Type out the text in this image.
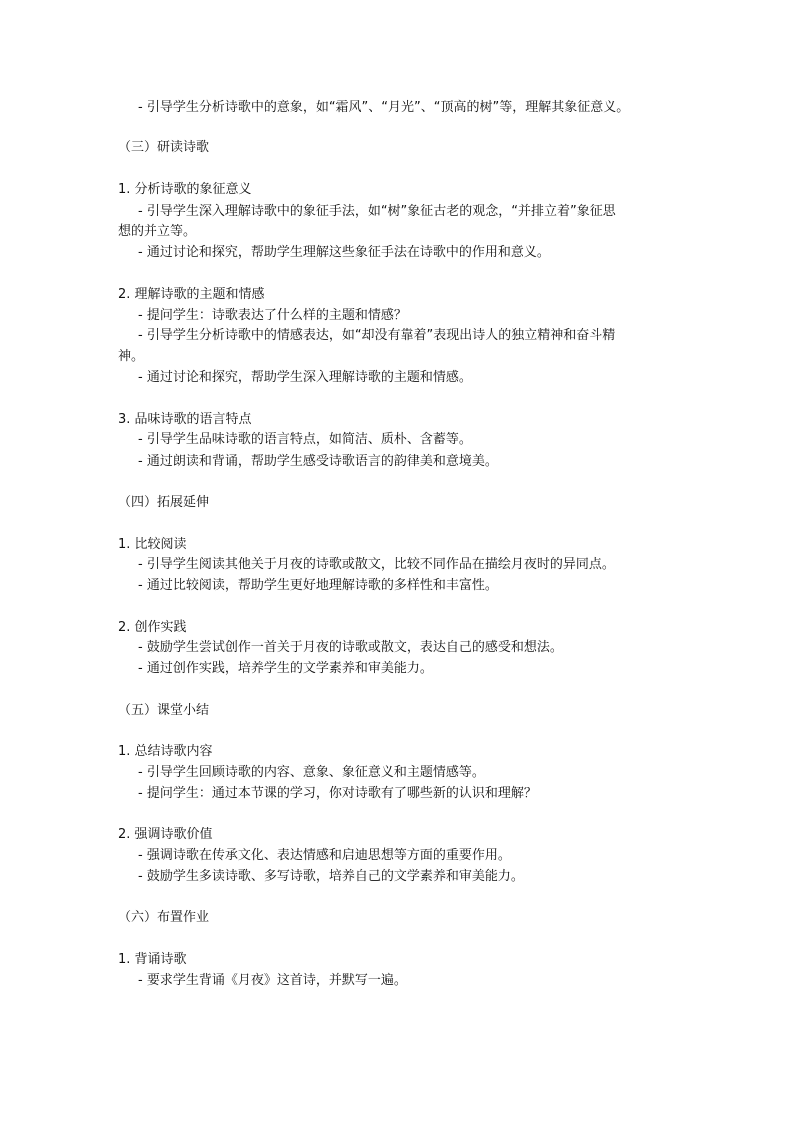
- 引导学生分析诗歌中的意象，如“霜风”、“月光”、“顶高的树”等，理解其象征意义。
（三）研读诗歌
1. 分析诗歌的象征意义
- 引导学生深入理解诗歌中的象征手法，如“树”象征古老的观念，“并排立着”象征思
想的并立等。
- 通过讨论和探究，帮助学生理解这些象征手法在诗歌中的作用和意义。
2. 理解诗歌的主题和情感
- 提问学生：诗歌表达了什么样的主题和情感？
- 引导学生分析诗歌中的情感表达，如“却没有靠着”表现出诗人的独立精神和奋斗精
神。
- 通过讨论和探究，帮助学生深入理解诗歌的主题和情感。
3. 品味诗歌的语言特点
- 引导学生品味诗歌的语言特点，如简洁、质朴、含蓄等。
- 通过朗读和背诵，帮助学生感受诗歌语言的韵律美和意境美。
（四）拓展延伸
1. 比较阅读
- 引导学生阅读其他关于月夜的诗歌或散文，比较不同作品在描绘月夜时的异同点。
- 通过比较阅读，帮助学生更好地理解诗歌的多样性和丰富性。
2. 创作实践
- 鼓励学生尝试创作一首关于月夜的诗歌或散文，表达自己的感受和想法。
- 通过创作实践，培养学生的文学素养和审美能力。
（五）课堂小结
1. 总结诗歌内容
- 引导学生回顾诗歌的内容、意象、象征意义和主题情感等。
- 提问学生：通过本节课的学习，你对诗歌有了哪些新的认识和理解？
2. 强调诗歌价值
- 强调诗歌在传承文化、表达情感和启迪思想等方面的重要作用。
- 鼓励学生多读诗歌、多写诗歌，培养自己的文学素养和审美能力。
（六）布置作业
1. 背诵诗歌
- 要求学生背诵《月夜》这首诗，并默写一遍。
